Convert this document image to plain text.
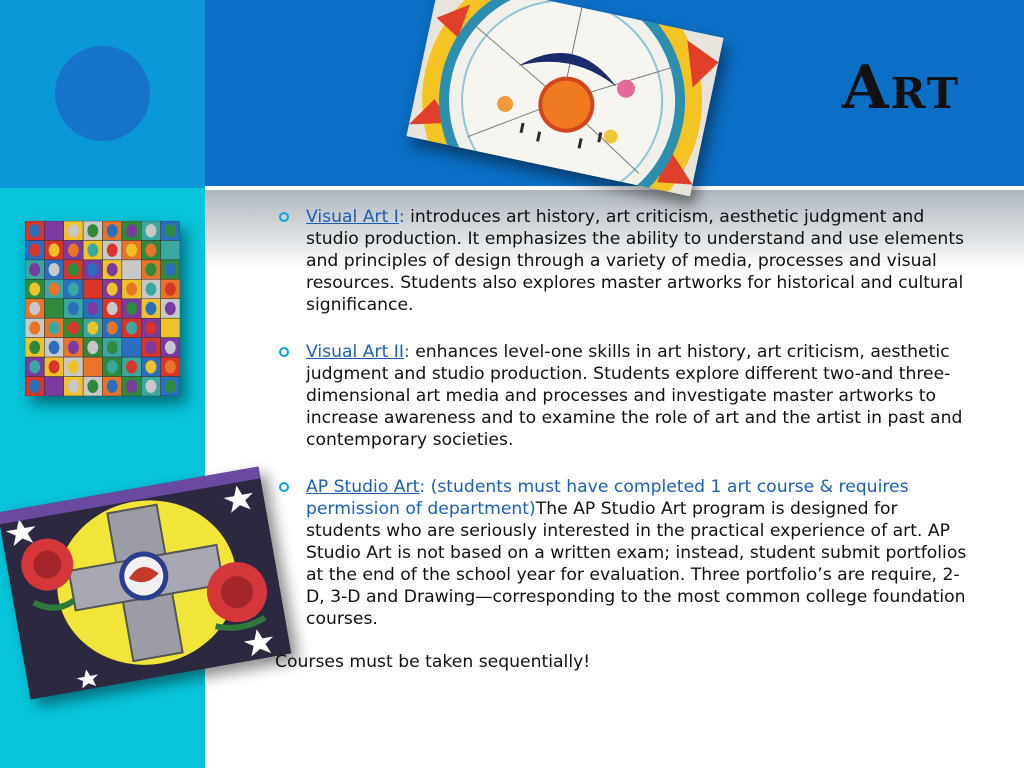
Art
Visual Art I: introduces art history, art criticism, aesthetic judgment and studio production. It emphasizes the ability to understand and use elements and principles of design through a variety of media, processes and visual resources. Students also explores master artworks for historical and cultural significance.
Visual Art II: enhances level-one skills in art history, art criticism, aesthetic judgment and studio production. Students explore different two-and three-dimensional art media and processes and investigate master artworks to increase awareness and to examine the role of art and the artist in past and contemporary societies.
AP Studio Art: (students must have completed 1 art course & requires permission of department)The AP Studio Art program is designed for students who are seriously interested in the practical experience of art. AP Studio Art is not based on a written exam; instead, student submit portfolios at the end of the school year for evaluation. Three portfolio’s are require, 2-D, 3-D and Drawing—corresponding to the most common college foundation courses.
Courses must be taken sequentially!
